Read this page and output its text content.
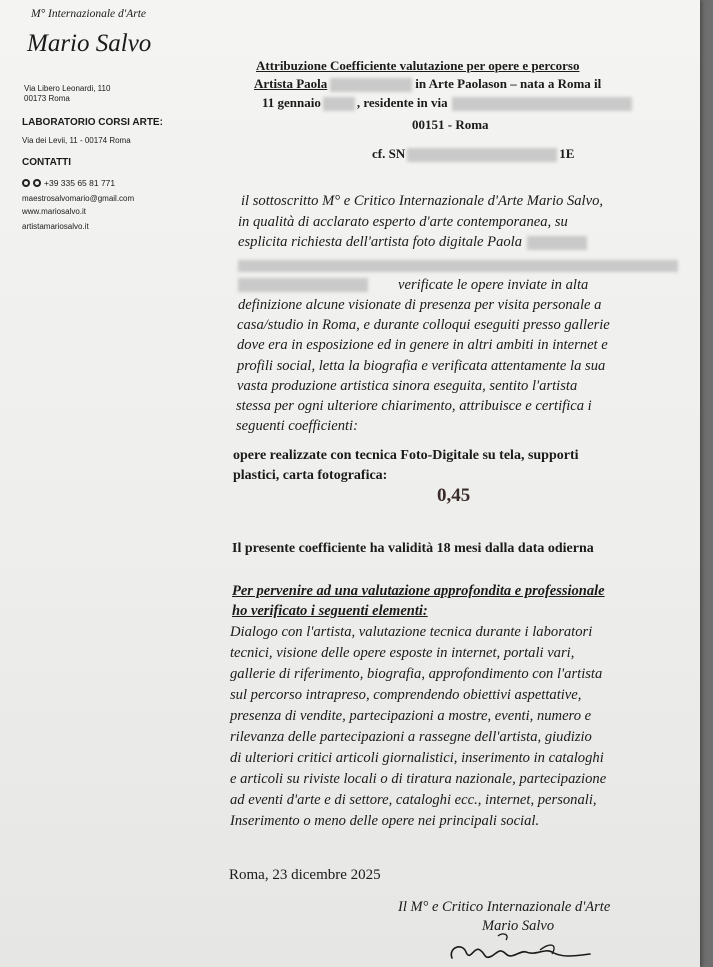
M° Internazionale d'Arte
Mario Salvo
Via Libero Leonardi, 110
00173 Roma
LABORATORIO CORSI ARTE:
Via dei Levii, 11 - 00174 Roma
CONTATTI
+39 335 65 81 771
maestrosalvomario@gmail.com
www.mariosalvo.it
artistamariosalvo.it
Attribuzione Coefficiente valutazione per opere e percorso
Artista Paola	in Arte Paolason – nata a Roma il
11 gennaio	, residente in via
00151 - Roma
cf. SN	1E
il sottoscritto M° e Critico Internazionale d'Arte Mario Salvo,
in qualità di acclarato esperto d'arte contemporanea, su
esplicita richiesta dell'artista foto digitale Paola
verificate le opere inviate in alta
definizione alcune visionate di presenza per visita personale a
casa/studio in Roma, e durante colloqui eseguiti presso gallerie
dove era in esposizione ed in genere in altri ambiti in internet e
profili social, letta la biografia e verificata attentamente la sua
vasta produzione artistica sinora eseguita, sentito l'artista
stessa per ogni ulteriore chiarimento, attribuisce e certifica i
seguenti coefficienti:
opere realizzate con tecnica Foto-Digitale su tela, supporti
plastici, carta fotografica:
0,45
Il presente coefficiente ha validità 18 mesi dalla data odierna
Per pervenire ad una valutazione approfondita e professionale
ho verificato i seguenti elementi:
Dialogo con l'artista, valutazione tecnica durante i laboratori
tecnici, visione delle opere esposte in internet, portali vari,
gallerie di riferimento, biografia, approfondimento con l'artista
sul percorso intrapreso, comprendendo obiettivi aspettative,
presenza di vendite, partecipazioni a mostre, eventi, numero e
rilevanza delle partecipazioni a rassegne dell'artista, giudizio
di ulteriori critici articoli giornalistici, inserimento in cataloghi
e articoli su riviste locali o di tiratura nazionale, partecipazione
ad eventi d'arte e di settore, cataloghi ecc., internet, personali,
Inserimento o meno delle opere nei principali social.
Roma, 23 dicembre 2025
Il M° e Critico Internazionale d'Arte
Mario Salvo
